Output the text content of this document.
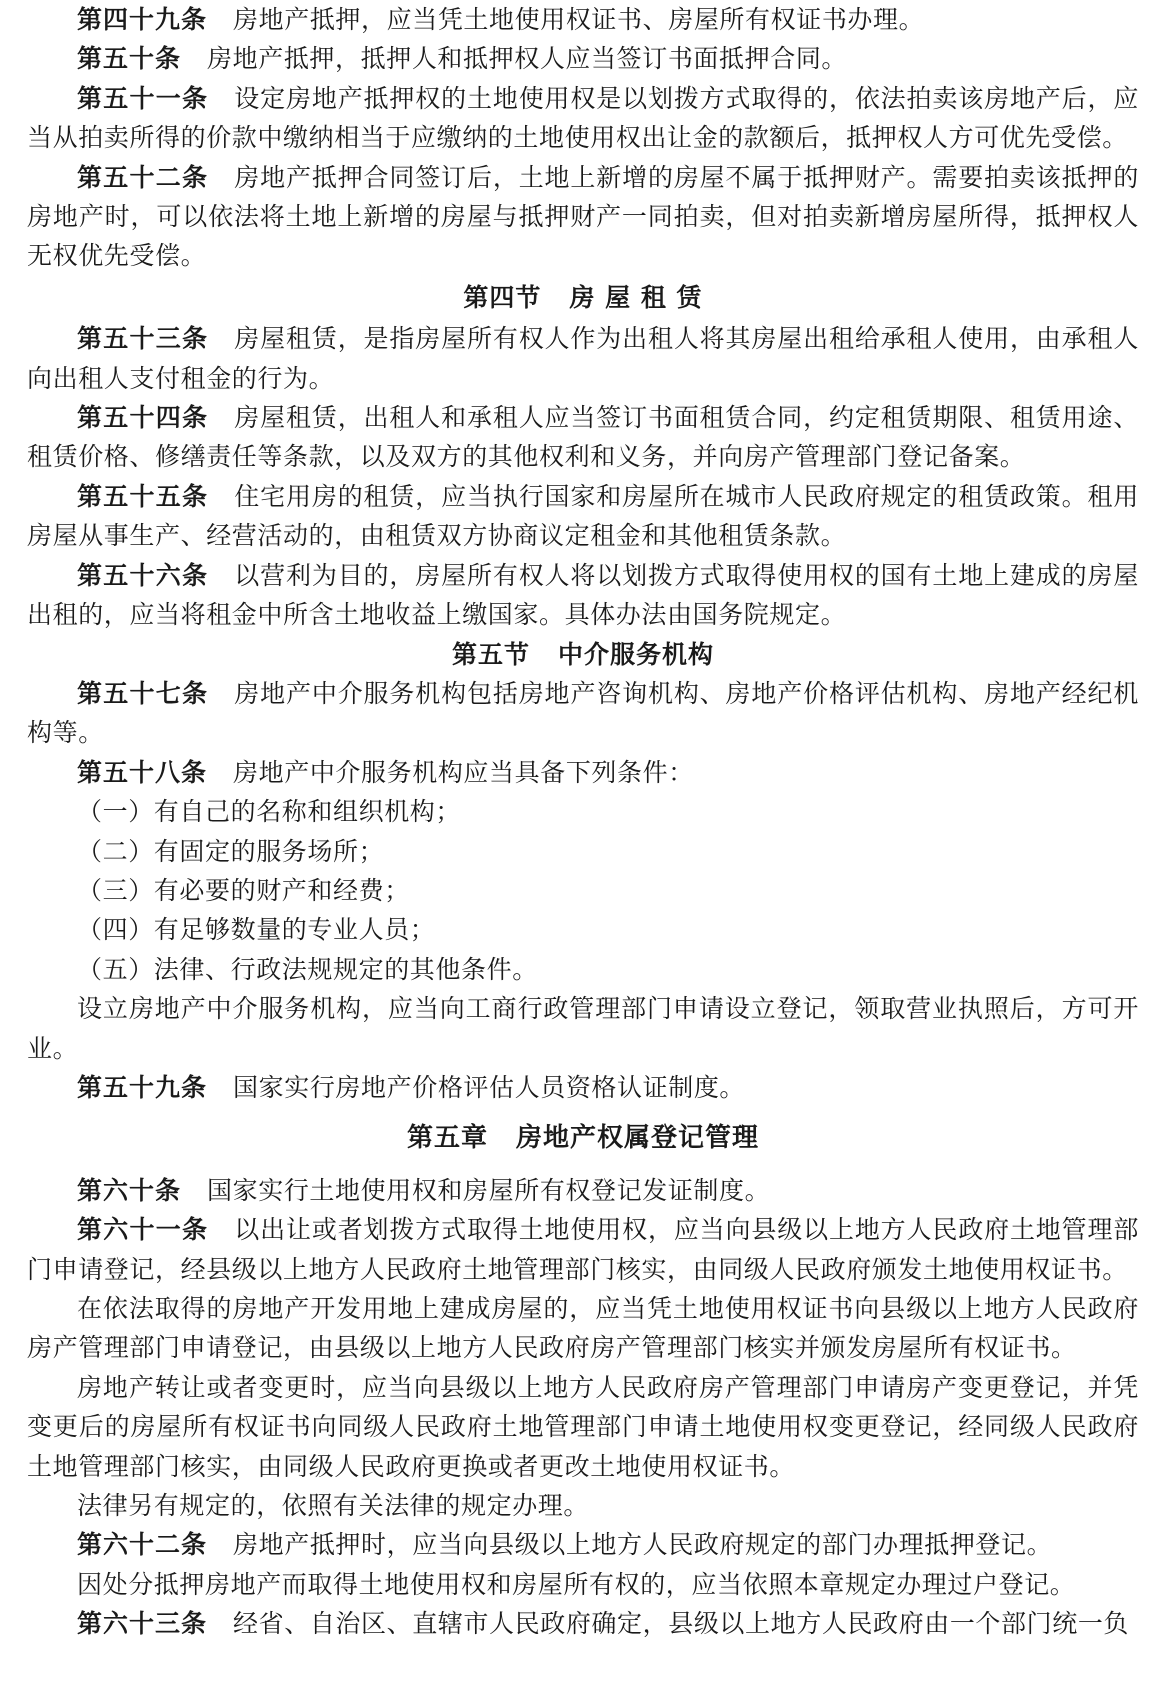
第四十九条 房地产抵押，应当凭土地使用权证书、房屋所有权证书办理。

第五十条 房地产抵押，抵押人和抵押权人应当签订书面抵押合同。

第五十一条 设定房地产抵押权的土地使用权是以划拨方式取得的，依法拍卖该房地产后，应当从拍卖所得的价款中缴纳相当于应缴纳的土地使用权出让金的款额后，抵押权人方可优先受偿。

第五十二条 房地产抵押合同签订后，土地上新增的房屋不属于抵押财产。需要拍卖该抵押的房地产时，可以依法将土地上新增的房屋与抵押财产一同拍卖，但对拍卖新增房屋所得，抵押权人无权优先受偿。

第四节 房 屋 租 赁

第五十三条 房屋租赁，是指房屋所有权人作为出租人将其房屋出租给承租人使用，由承租人向出租人支付租金的行为。

第五十四条 房屋租赁，出租人和承租人应当签订书面租赁合同，约定租赁期限、租赁用途、租赁价格、修缮责任等条款，以及双方的其他权利和义务，并向房产管理部门登记备案。

第五十五条 住宅用房的租赁，应当执行国家和房屋所在城市人民政府规定的租赁政策。租用房屋从事生产、经营活动的，由租赁双方协商议定租金和其他租赁条款。

第五十六条 以营利为目的，房屋所有权人将以划拨方式取得使用权的国有土地上建成的房屋出租的，应当将租金中所含土地收益上缴国家。具体办法由国务院规定。

第五节 中介服务机构

第五十七条 房地产中介服务机构包括房地产咨询机构、房地产价格评估机构、房地产经纪机构等。

第五十八条 房地产中介服务机构应当具备下列条件：

（一）有自己的名称和组织机构；

（二）有固定的服务场所；

（三）有必要的财产和经费；

（四）有足够数量的专业人员；

（五）法律、行政法规规定的其他条件。

设立房地产中介服务机构，应当向工商行政管理部门申请设立登记，领取营业执照后，方可开业。

第五十九条 国家实行房地产价格评估人员资格认证制度。

第五章 房地产权属登记管理

第六十条 国家实行土地使用权和房屋所有权登记发证制度。

第六十一条 以出让或者划拨方式取得土地使用权，应当向县级以上地方人民政府土地管理部门申请登记，经县级以上地方人民政府土地管理部门核实，由同级人民政府颁发土地使用权证书。

在依法取得的房地产开发用地上建成房屋的，应当凭土地使用权证书向县级以上地方人民政府房产管理部门申请登记，由县级以上地方人民政府房产管理部门核实并颁发房屋所有权证书。

房地产转让或者变更时，应当向县级以上地方人民政府房产管理部门申请房产变更登记，并凭变更后的房屋所有权证书向同级人民政府土地管理部门申请土地使用权变更登记，经同级人民政府土地管理部门核实，由同级人民政府更换或者更改土地使用权证书。

法律另有规定的，依照有关法律的规定办理。

第六十二条 房地产抵押时，应当向县级以上地方人民政府规定的部门办理抵押登记。

因处分抵押房地产而取得土地使用权和房屋所有权的，应当依照本章规定办理过户登记。

第六十三条 经省、自治区、直辖市人民政府确定，县级以上地方人民政府由一个部门统一负
